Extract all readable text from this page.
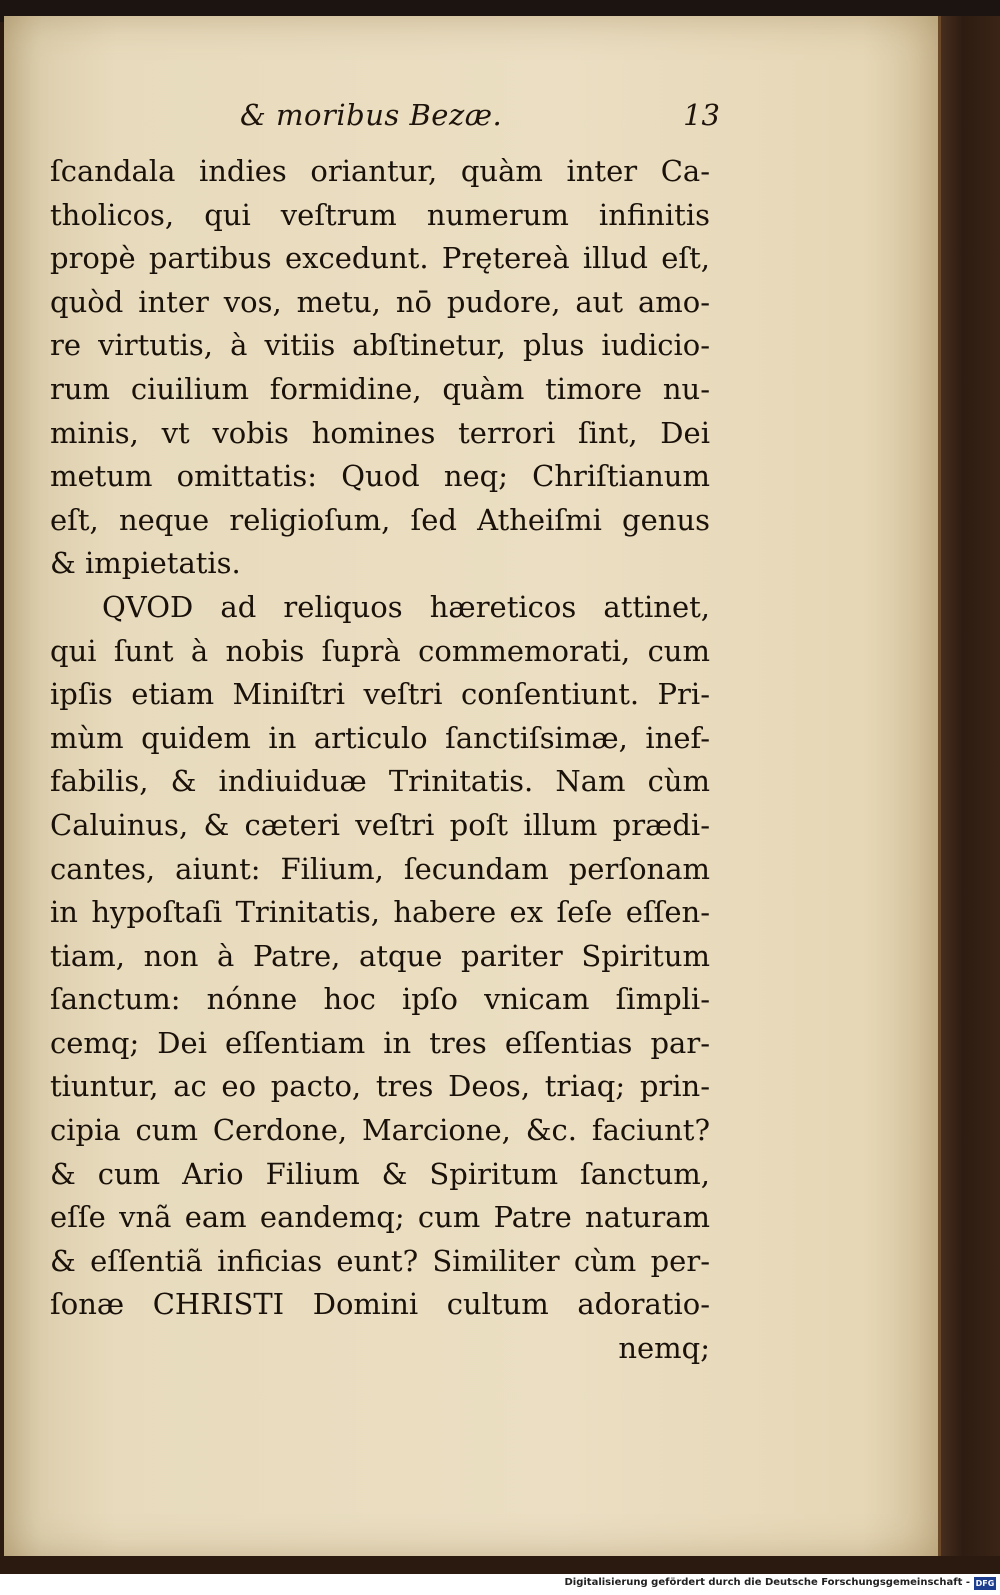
& moribus Bezæ.	13
ſcandala indies oriantur, quàm inter Ca-
tholicos, qui veſtrum numerum infinitis
propè partibus excedunt. Prętereà illud eſt,
quòd inter vos, metu, nō pudore, aut amo-
re virtutis, à vitiis abſtinetur, plus iudicio-
rum ciuilium formidine, quàm timore nu-
minis, vt vobis homines terrori ſint, Dei
metum omittatis: Quod neq; Chriſtianum
eſt, neque religioſum, ſed Atheiſmi genus
& impietatis.
QVOD ad reliquos hæreticos attinet,
qui ſunt à nobis ſuprà commemorati, cum
ipſis etiam Miniſtri veſtri conſentiunt. Pri-
mùm quidem in articulo ſanctiſsimæ, inef-
fabilis, & indiuiduæ Trinitatis. Nam cùm
Caluinus, & cæteri veſtri poſt illum prædi-
cantes, aiunt: Filium, ſecundam perſonam
in hypoſtaſi Trinitatis, habere ex ſeſe eſſen-
tiam, non à Patre, atque pariter Spiritum
ſanctum: nónne hoc ipſo vnicam ſimpli-
cemq; Dei eſſentiam in tres eſſentias par-
tiuntur, ac eo pacto, tres Deos, triaq; prin-
cipia cum Cerdone, Marcione, &c. faciunt?
& cum Ario Filium & Spiritum ſanctum,
eſſe vnã eam eandemq; cum Patre naturam
& eſſentiã inficias eunt? Similiter cùm per-
ſonæ CHRISTI Domini cultum adoratio-
nemq;
Digitalisierung gefördert durch die Deutsche Forschungsgemeinschaft - DFG
